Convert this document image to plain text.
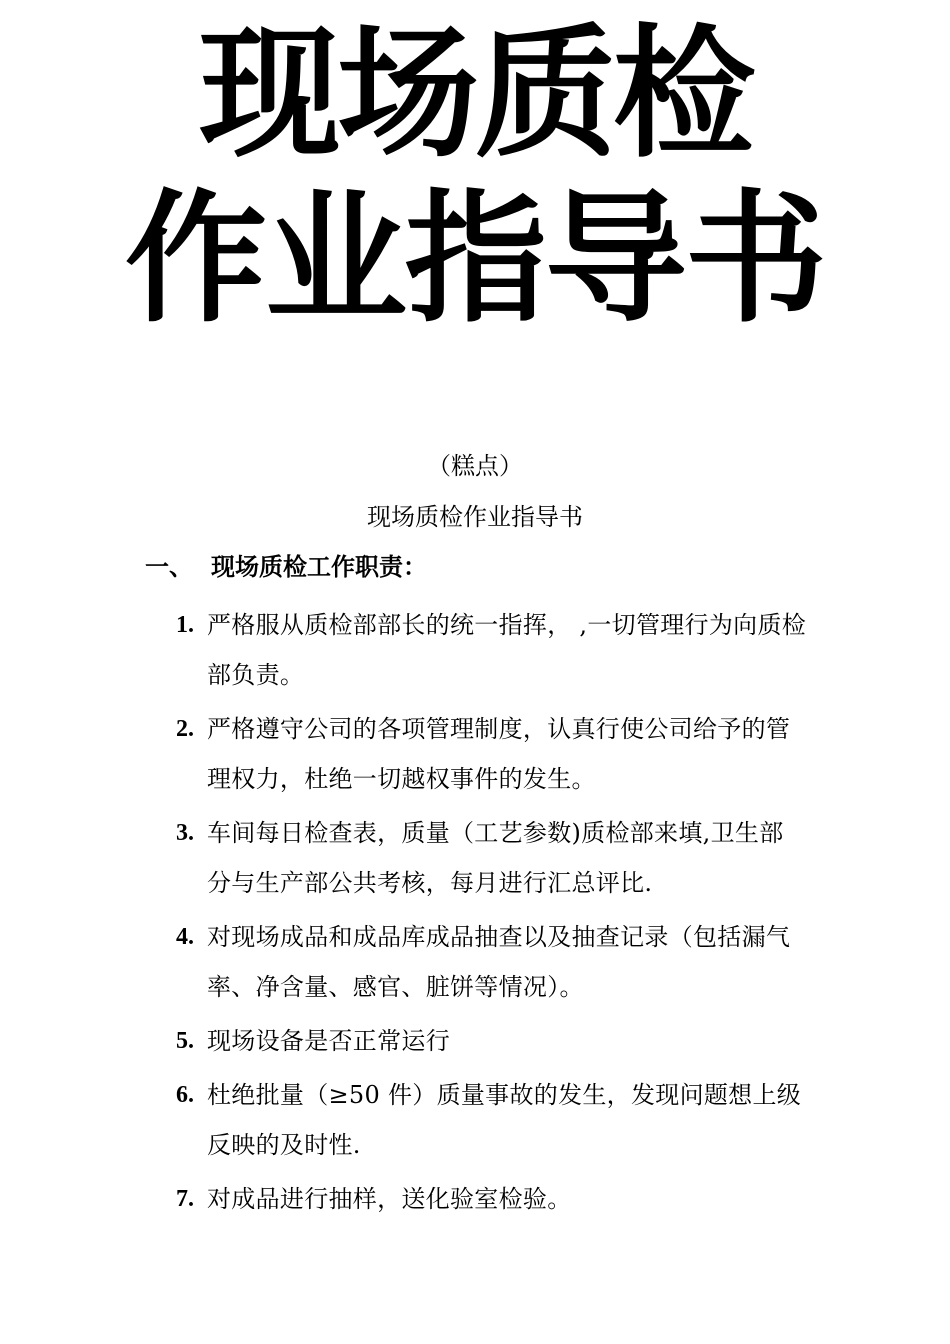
现场质检
作业指导书
（糕点）
现场质检作业指导书
一、 现场质检工作职责：
1. 严格服从质检部部长的统一指挥， ,一切管理行为向质检部负责。
2. 严格遵守公司的各项管理制度，认真行使公司给予的管理权力，杜绝一切越权事件的发生。
3. 车间每日检查表，质量（工艺参数)质检部来填,卫生部分与生产部公共考核，每月进行汇总评比.
4. 对现场成品和成品库成品抽查以及抽查记录（包括漏气率、净含量、感官、脏饼等情况）。
5. 现场设备是否正常运行
6. 杜绝批量（≥50 件）质量事故的发生，发现问题想上级反映的及时性.
7. 对成品进行抽样，送化验室检验。
